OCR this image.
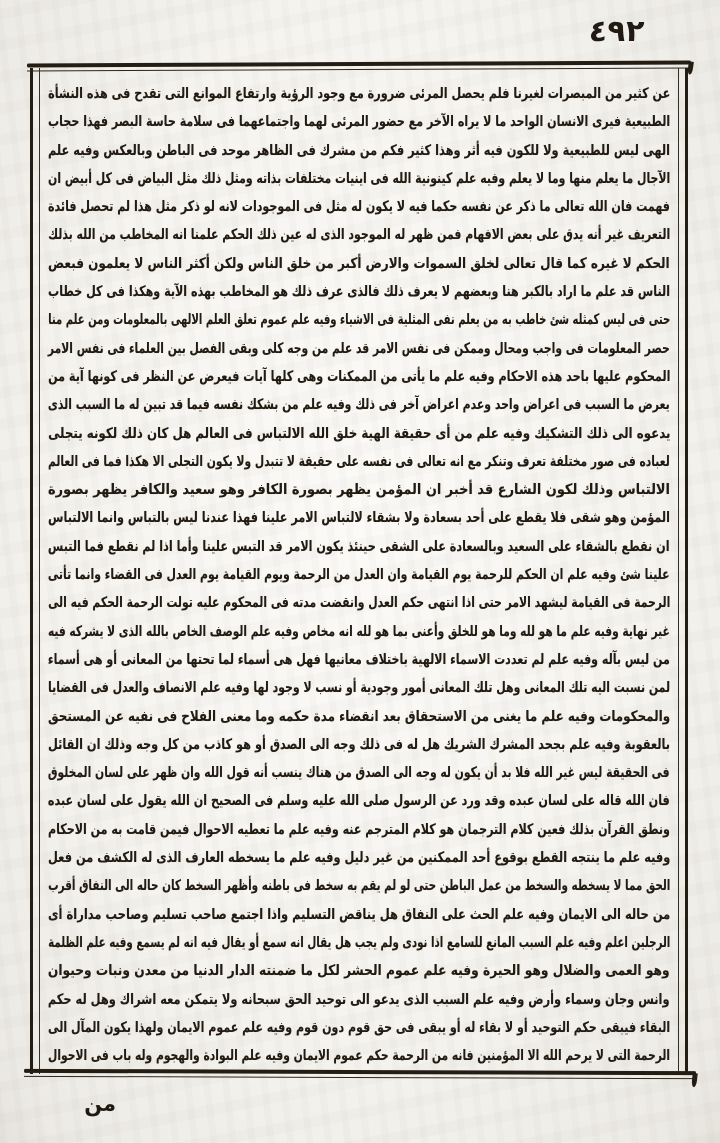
٤٩٢
عن كثير من المبصرات لغيرنا فلم يحصل المرئى ضرورة مع وجود الرؤية وارتفاع الموانع التى تقدح فى هذه النشأة
الطبيعية فيرى الانسان الواحد ما لا يراه الآخر مع حضور المرئى لهما واجتماعهما فى سلامة حاسة البصر فهذا حجاب
الهى ليس للطبيعية ولا للكون فيه أثر وهذا كثير فكم من مشرك فى الظاهر موحد فى الباطن وبالعكس وفيه علم
الآجال ما يعلم منها وما لا يعلم وفيه علم كينونية الله فى اينيات مختلفات بذاته ومثل ذلك مثل البياض فى كل أبيض ان
فهمت فان الله تعالى ما ذكر عن نفسه حكما فيه لا يكون له مثل فى الموجودات لانه لو ذكر مثل هذا لم تحصل فائدة
التعريف غير أنه يدق على بعض الافهام فمن ظهر له الموجود الذى له عين ذلك الحكم علمنا انه المخاطب من الله بذلك
الحكم لا غيره كما قال تعالى لخلق السموات والارض أكبر من خلق الناس ولكن أكثر الناس لا يعلمون فبعض
الناس قد علم ما اراد بالكبر هنا وبعضهم لا يعرف ذلك فالذى عرف ذلك هو المخاطب بهذه الآية وهكذا فى كل خطاب
حتى فى ليس كمثله شئ خاطب به من يعلم نفى المثلية فى الاشياء وفيه علم عموم تعلق العلم الالهى بالمعلومات ومن علم منا
حصر المعلومات فى واجب ومحال وممكن فى نفس الامر قد علم من وجه كلى وبقى الفصل بين العلماء فى نفس الامر
المحكوم عليها باحد هذه الاحكام وفيه علم ما يأتى من الممكنات وهى كلها آيات فيعرض عن النظر فى كونها آية من
يعرض ما السبب فى اعراض واحد وعدم اعراض آخر فى ذلك وفيه علم من بشكك نفسه فيما قد تبين له ما السبب الذى
يدعوه الى ذلك التشكيك وفيه علم من أى حقيقة الهية خلق الله الالتباس فى العالم هل كان ذلك لكونه يتجلى
لعباده فى صور مختلفة تعرف وتنكر مع انه تعالى فى نفسه على حقيقة لا تتبدل ولا يكون التجلى الا هكذا فما فى العالم
الالتباس وذلك لكون الشارع قد أخبر ان المؤمن يظهر بصورة الكافر وهو سعيد والكافر يظهر بصورة
المؤمن وهو شقى فلا يقطع على أحد بسعادة ولا بشقاء لالتباس الامر علينا فهذا عندنا ليس بالتباس وانما الالتباس
ان نقطع بالشقاء على السعيد وبالسعادة على الشقى حينئذ يكون الامر قد التبس علينا وأما اذا لم نقطع فما التبس
علينا شئ وفيه علم ان الحكم للرحمة يوم القيامة وان العدل من الرحمة ويوم القيامة يوم العدل فى القضاء وانما تأتى
الرحمة فى القيامة ليشهد الامر حتى اذا انتهى حكم العدل وانقضت مدته فى المحكوم عليه تولت الرحمة الحكم فيه الى
غير نهاية وفيه علم ما هو لله وما هو للخلق وأعنى بما هو لله انه مخاص وفيه علم الوصف الخاص بالله الذى لا يشركه فيه
من ليس بآله وفيه علم لم تعددت الاسماء الالهية باختلاف معانيها فهل هى أسماء لما تحتها من المعانى أو هى أسماء
لمن نسبت اليه تلك المعانى وهل تلك المعانى أمور وجودية أو نسب لا وجود لها وفيه علم الانصاف والعدل فى القضايا
والمحكومات وفيه علم ما يغنى من الاستحقاق بعد انقضاء مدة حكمه وما معنى الفلاح فى نفيه عن المستحق
بالعقوبة وفيه علم بجحد المشرك الشريك هل له فى ذلك وجه الى الصدق أو هو كاذب من كل وجه وذلك ان القائل
فى الحقيقة ليس غير الله فلا بد أن يكون له وجه الى الصدق من هناك ينسب أنه قول الله وان ظهر على لسان المخلوق
فان الله قاله على لسان عبده وقد ورد عن الرسول صلى الله عليه وسلم فى الصحيح ان الله يقول على لسان عبده
ونطق القرآن بذلك فعين كلام الترجمان هو كلام المترجم عنه وفيه علم ما تعطيه الاحوال فيمن قامت به من الاحكام
وفيه علم ما ينتجه القطع بوقوع أحد الممكنين من غير دليل وفيه علم ما يسخطه العارف الذى له الكشف من فعل
الحق مما لا يسخطه والسخط من عمل الباطن حتى لو لم يقم به سخط فى باطنه وأظهر السخط كان حاله الى النفاق أقرب
من حاله الى الايمان وفيه علم الحث على النفاق هل يناقض التسليم واذا اجتمع صاحب تسليم وصاحب مداراة أى
الرجلين اعلم وفيه علم السبب المانع للسامع اذا نودى ولم يجب هل يقال انه سمع أو يقال فيه انه لم يسمع وفيه علم الظلمة
وهو العمى والضلال وهو الحيرة وفيه علم عموم الحشر لكل ما ضمنته الدار الدنيا من معدن ونبات وحيوان
وانس وجان وسماء وأرض وفيه علم السبب الذى يدعو الى توحيد الحق سبحانه ولا يتمكن معه اشراك وهل له حكم
البقاء فيبقى حكم التوحيد أو لا بقاء له أو يبقى فى حق قوم دون قوم وفيه علم عموم الايمان ولهذا يكون المآل الى
الرحمة التى لا يرحم الله الا المؤمنين فانه من الرحمة حكم عموم الايمان وفيه علم البوادة والهجوم وله باب فى الاحوال
من
